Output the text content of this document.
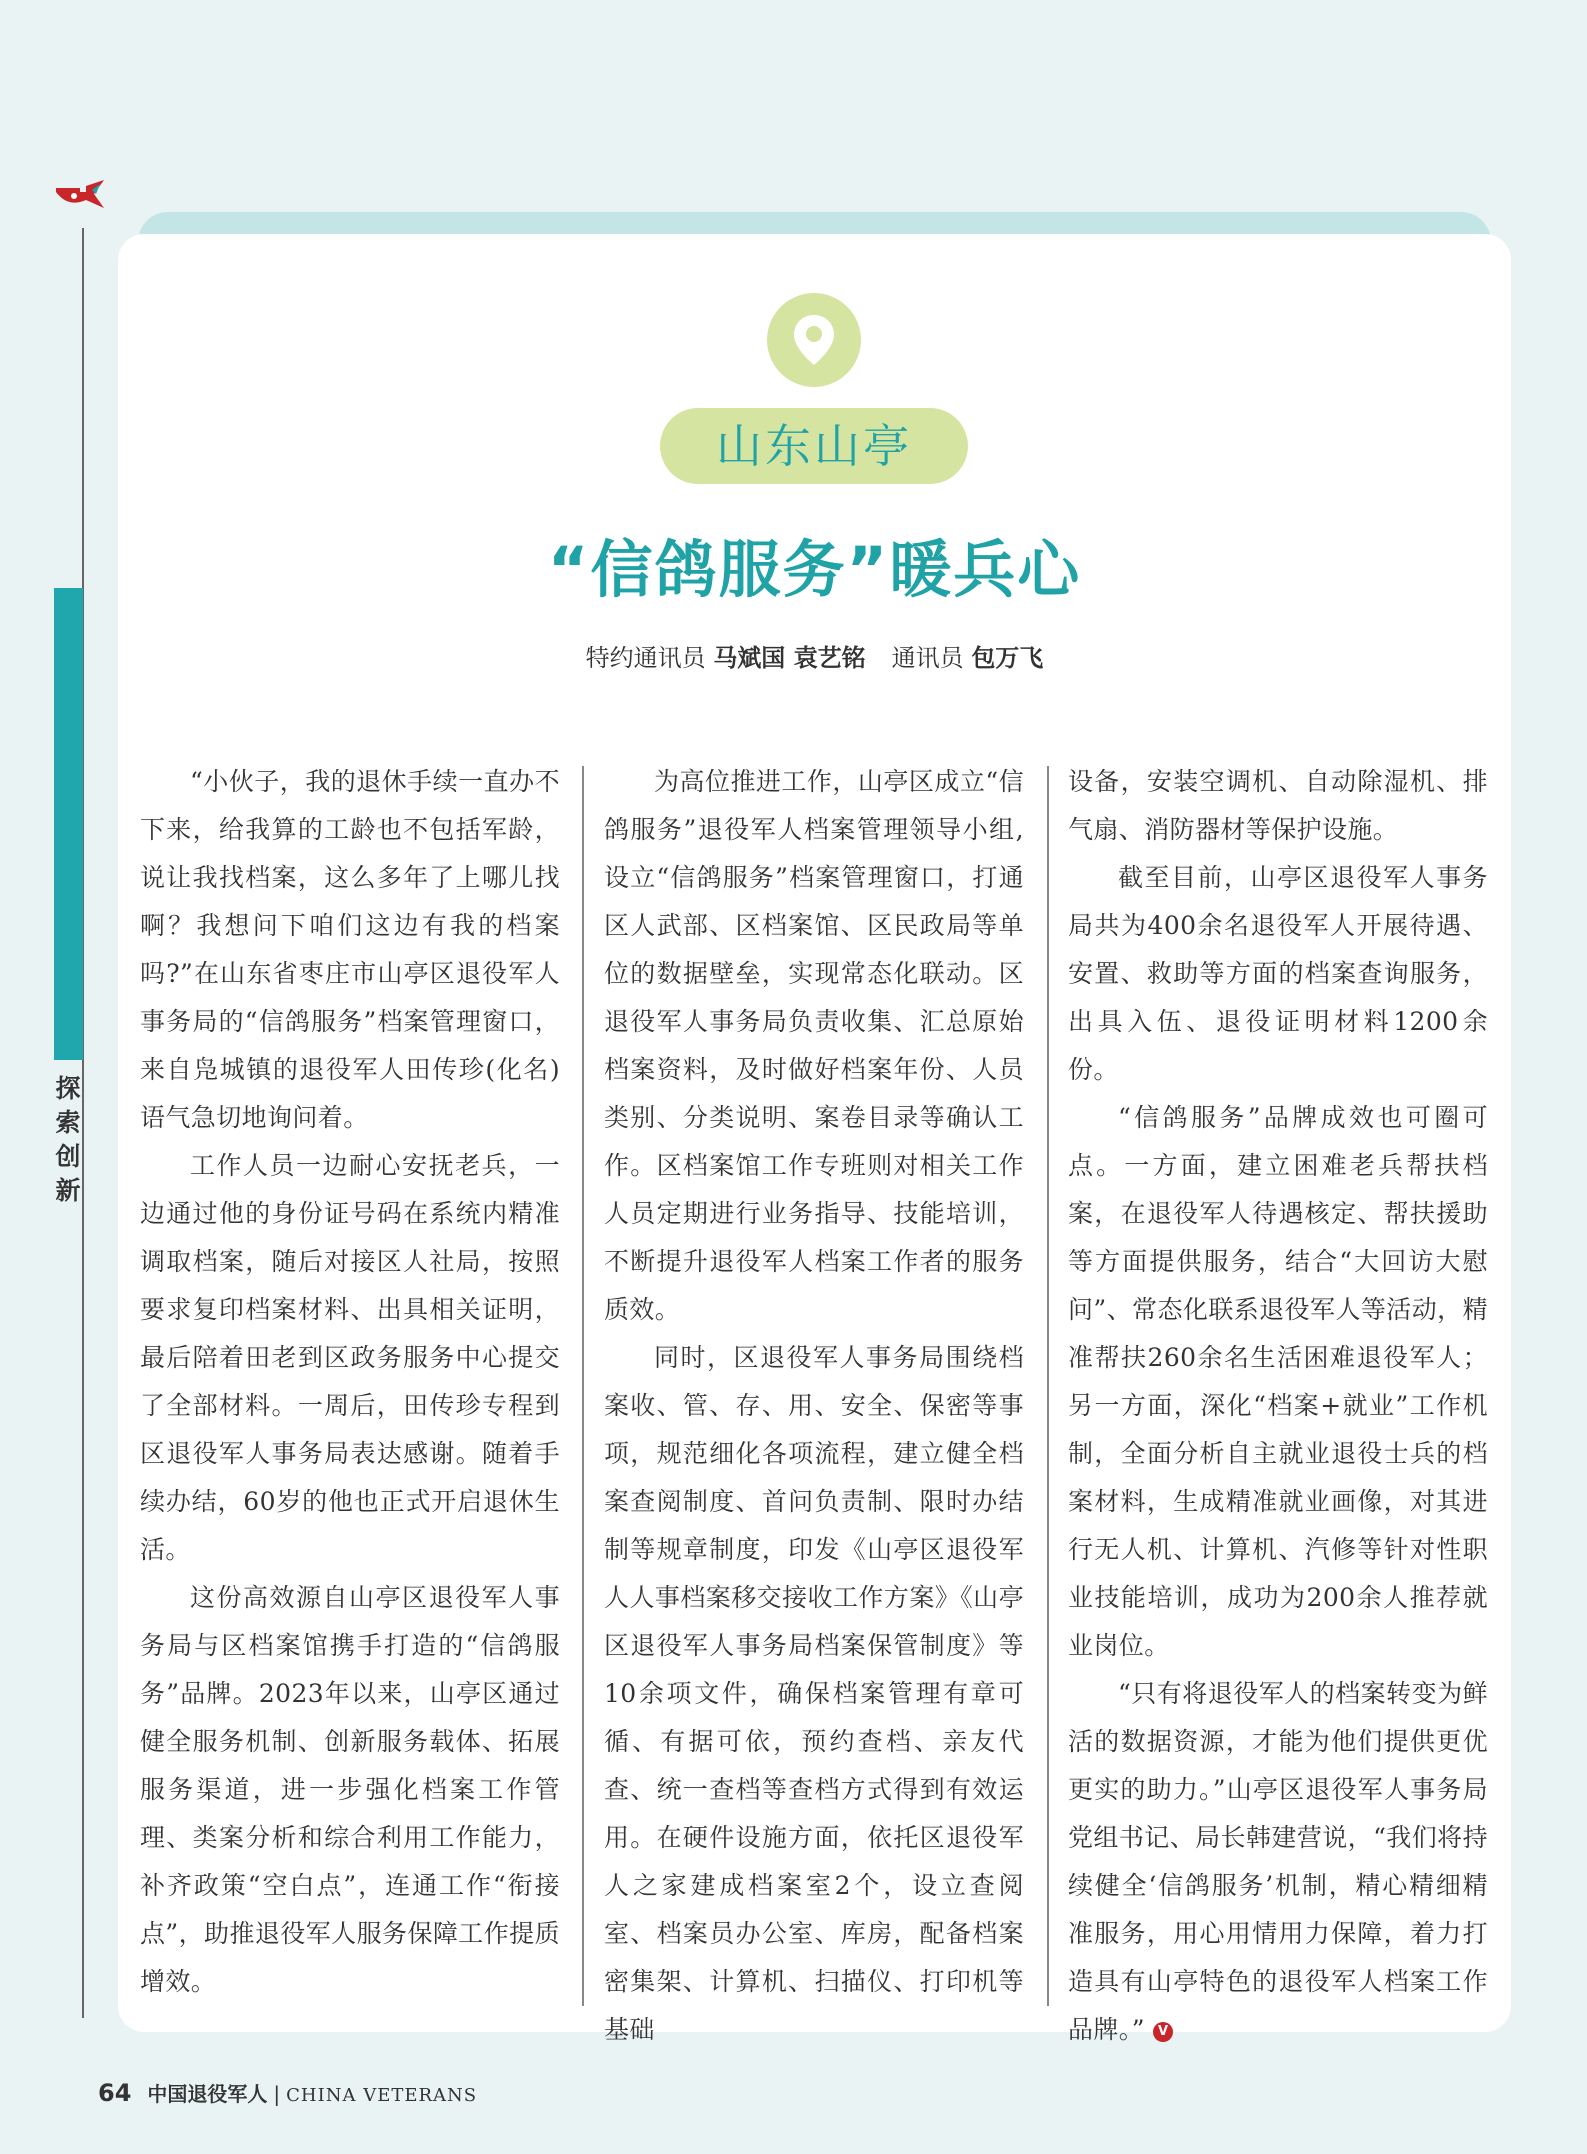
探索创新
山东山亭
“信鸽服务”暖兵心
特约通讯员 马斌国 袁艺铭 通讯员 包万飞

“小伙子，我的退休手续一直办不下来，给我算的工龄也不包括军龄，说让我找档案，这么多年了上哪儿找啊？我想问下咱们这边有我的档案吗?”在山东省枣庄市山亭区退役军人事务局的“信鸽服务”档案管理窗口，来自凫城镇的退役军人田传珍(化名)语气急切地询问着。

工作人员一边耐心安抚老兵，一边通过他的身份证号码在系统内精准调取档案，随后对接区人社局，按照要求复印档案材料、出具相关证明，最后陪着田老到区政务服务中心提交了全部材料。一周后，田传珍专程到区退役军人事务局表达感谢。随着手续办结，60岁的他也正式开启退休生活。

这份高效源自山亭区退役军人事务局与区档案馆携手打造的“信鸽服务”品牌。2023年以来，山亭区通过健全服务机制、创新服务载体、拓展服务渠道，进一步强化档案工作管理、类案分析和综合利用工作能力，补齐政策“空白点”，连通工作“衔接点”，助推退役军人服务保障工作提质增效。

为高位推进工作，山亭区成立“信鸽服务”退役军人档案管理领导小组,设立“信鸽服务”档案管理窗口，打通区人武部、区档案馆、区民政局等单位的数据壁垒，实现常态化联动。区退役军人事务局负责收集、汇总原始档案资料，及时做好档案年份、人员类别、分类说明、案卷目录等确认工作。区档案馆工作专班则对相关工作人员定期进行业务指导、技能培训，不断提升退役军人档案工作者的服务质效。

同时，区退役军人事务局围绕档案收、管、存、用、安全、保密等事项，规范细化各项流程，建立健全档案查阅制度、首问负责制、限时办结制等规章制度，印发《山亭区退役军人人事档案移交接收工作方案》《山亭区退役军人事务局档案保管制度》等10余项文件，确保档案管理有章可循、有据可依，预约查档、亲友代查、统一查档等查档方式得到有效运用。在硬件设施方面，依托区退役军人之家建成档案室2个，设立查阅室、档案员办公室、库房，配备档案密集架、计算机、扫描仪、打印机等基础

设备，安装空调机、自动除湿机、排气扇、消防器材等保护设施。

截至目前，山亭区退役军人事务局共为400余名退役军人开展待遇、安置、救助等方面的档案查询服务，出具入伍、退役证明材料1200余份。

“信鸽服务”品牌成效也可圈可点。一方面，建立困难老兵帮扶档案，在退役军人待遇核定、帮扶援助等方面提供服务，结合“大回访大慰问”、常态化联系退役军人等活动，精准帮扶260余名生活困难退役军人；另一方面，深化“档案+就业”工作机制，全面分析自主就业退役士兵的档案材料，生成精准就业画像，对其进行无人机、计算机、汽修等针对性职业技能培训，成功为200余人推荐就业岗位。

“只有将退役军人的档案转变为鲜活的数据资源，才能为他们提供更优更实的助力。”山亭区退役军人事务局党组书记、局长韩建营说，“我们将持续健全‘信鸽服务’机制，精心精细精准服务，用心用情用力保障，着力打造具有山亭特色的退役军人档案工作品牌。” V

64 中国退役军人 | CHINA VETERANS
